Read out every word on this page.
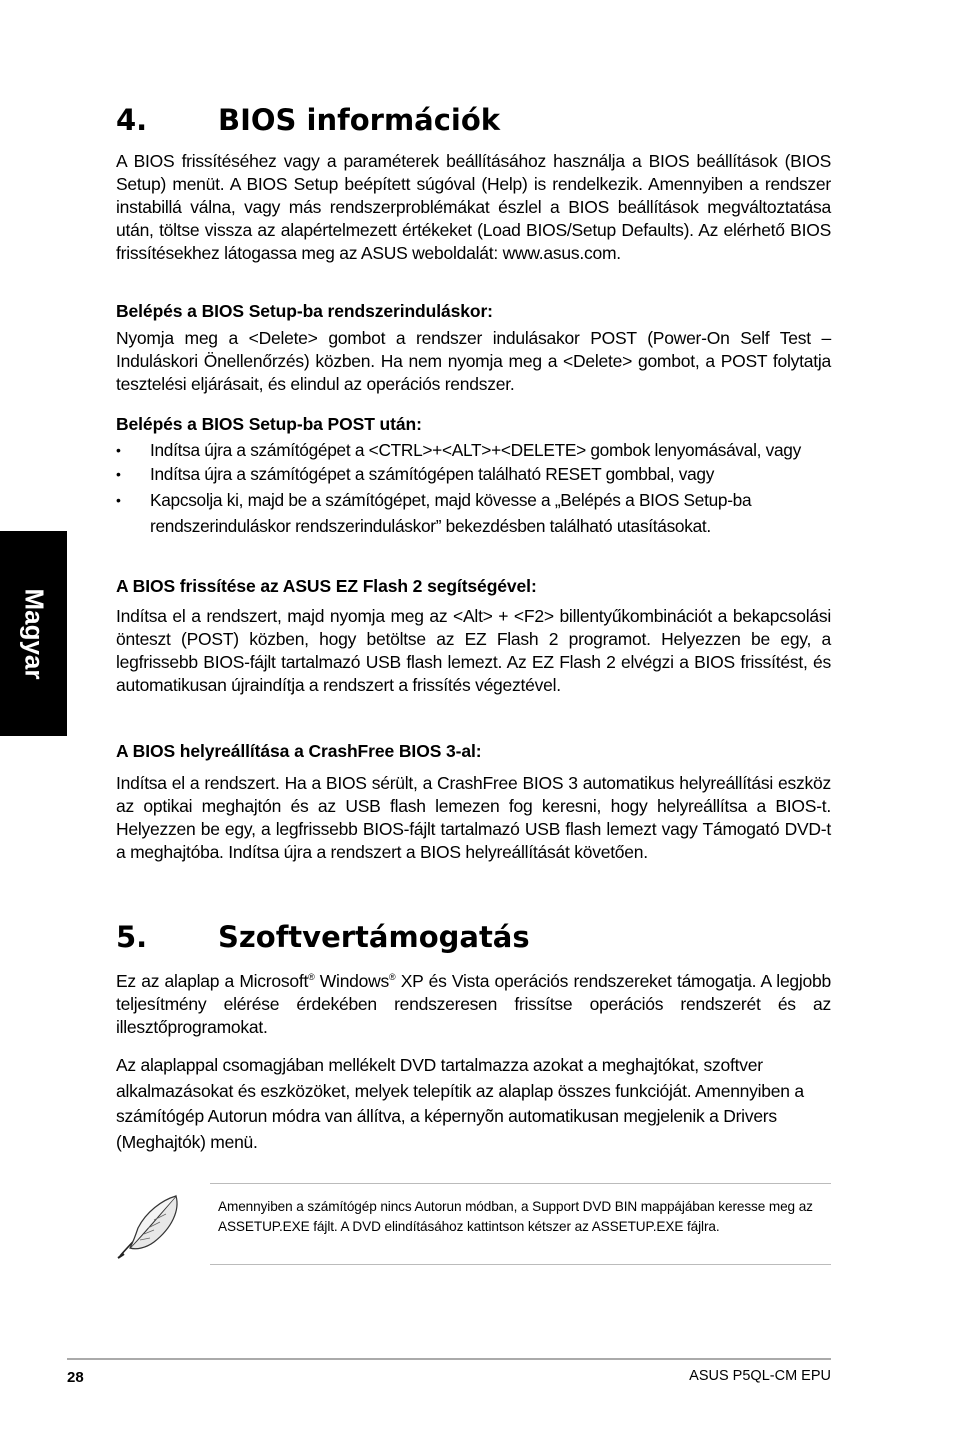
Magyar
4. BIOS információk

A BIOS frissítéséhez vagy a paraméterek beállításához használja a BIOS beállítások (BIOS Setup) menüt. A BIOS Setup beépített súgóval (Help) is rendelkezik. Amennyiben a rendszer instabillá válna, vagy más rendszerproblémákat észlel a BIOS beállítások megváltoztatása után, töltse vissza az alapértelmezett értékeket (Load BIOS/Setup Defaults). Az elérhető BIOS frissítésekhez látogassa meg az ASUS weboldalát: www.asus.com.

Belépés a BIOS Setup-ba rendszerinduláskor:

Nyomja meg a <Delete> gombot a rendszer indulásakor POST (Power-On Self Test – Induláskori Önellenőrzés) közben. Ha nem nyomja meg a <Delete> gombot, a POST folytatja tesztelési eljárásait, és elindul az operációs rendszer.

Belépés a BIOS Setup-ba POST után:
• Indítsa újra a számítógépet a <CTRL>+<ALT>+<DELETE> gombok lenyomásával, vagy
• Indítsa újra a számítógépet a számítógépen található RESET gombbal, vagy
• Kapcsolja ki, majd be a számítógépet, majd kövesse a „Belépés a BIOS Setup-ba rendszerinduláskor rendszerinduláskor” bekezdésben található utasításokat.
A BIOS frissítése az ASUS EZ Flash 2 segítségével:

Indítsa el a rendszert, majd nyomja meg az <Alt> + <F2> billentyűkombinációt a bekapcsolási önteszt (POST) közben, hogy betöltse az EZ Flash 2 programot. Helyezzen be egy, a legfrissebb BIOS-fájlt tartalmazó USB flash lemezt. Az EZ Flash 2 elvégzi a BIOS frissítést, és automatikusan újraindítja a rendszert a frissítés végeztével.

A BIOS helyreállítása a CrashFree BIOS 3-al:

Indítsa el a rendszert. Ha a BIOS sérült, a CrashFree BIOS 3 automatikus helyreállítási eszköz az optikai meghajtón és az USB flash lemezen fog keresni, hogy helyreállítsa a BIOS-t. Helyezzen be egy, a legfrissebb BIOS-fájlt tartalmazó USB flash lemezt vagy Támogató DVD-t a meghajtóba. Indítsa újra a rendszert a BIOS helyreállítását követően.

5. Szoftvertámogatás

Ez az alaplap a Microsoft® Windows® XP és Vista operációs rendszereket támogatja. A legjobb teljesítmény elérése érdekében rendszeresen frissítse operációs rendszerét és az illesztőprogramokat.

Az alaplappal csomagjában mellékelt DVD tartalmazza azokat a meghajtókat, szoftver alkalmazásokat és eszközöket, melyek telepítik az alaplap összes funkcióját. Amennyiben a számítógép Autorun módra van állítva, a képernyõn automatikusan megjelenik a Drivers (Meghajtók) menü.

Amennyiben a számítógép nincs Autorun módban, a Support DVD BIN mappájában keresse meg az ASSETUP.EXE fájlt. A DVD elindításához kattintson kétszer az ASSETUP.EXE fájlra.

28	ASUS P5QL-CM EPU
